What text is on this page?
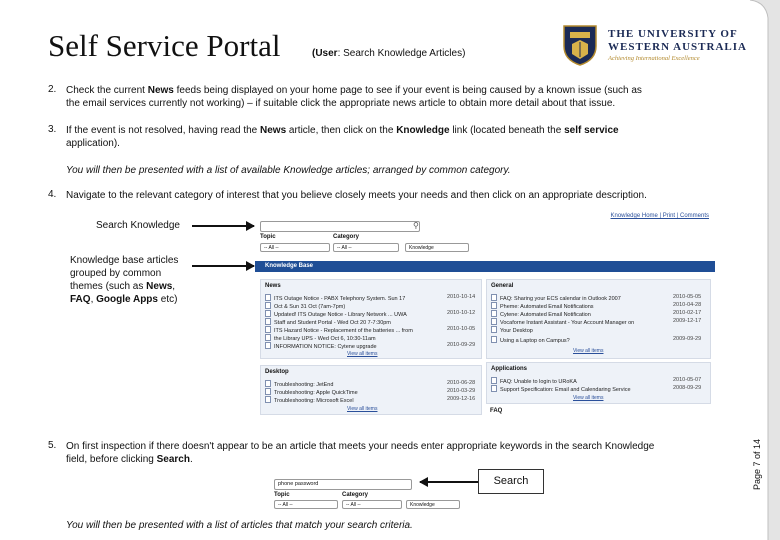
Self Service Portal	(User: Search Knowledge Articles)
THE UNIVERSITY OF
WESTERN AUSTRALIA
Achieving International Excellence
2. Check the current News feeds being displayed on your home page to see if your event is being caused by a known issue (such as
the email services currently not working) – if suitable click the appropriate news article to obtain more detail about that issue.
3. If the event is not resolved, having read the News article, then click on the Knowledge link (located beneath the self service
application).
You will then be presented with a list of available Knowledge articles; arranged by common category.
4. Navigate to the relevant category of interest that you believe closely meets your needs and then click on an appropriate description.
Search Knowledge
Knowledge base articles
grouped by common
themes (such as News,
FAQ, Google Apps etc)
⚲
Knowledge Home | Print | Comments
Topic	Category
-- All --	-- All --	Knowledge
Knowledge Base
News
ITS Outage Notice - PABX Telephony System. Sun 17	2010-10-14
Oct & Sun 31 Oct (7am-7pm)
Updated! ITS Outage Notice - Library Network ... UWA	2010-10-12
Staff and Student Portal - Wed Oct 20 7-7:30pm
ITS Hazard Notice - Replacement of the batteries ... from	2010-10-05
the Library UPS - Wed Oct 6, 10:30-11am
INFORMATION NOTICE: Cytene upgrade	2010-09-29
View all items
Desktop
Troubleshooting: JetEnd	2010-06-28
Troubleshooting: Apple QuickTime	2010-03-29
Troubleshooting: Microsoft Excel	2009-12-16
View all items
General
FAQ: Sharing your ECS calendar in Outlook 2007	2010-05-05
Pheme: Automated Email Notifications	2010-04-28
Cytene: Automated Email Notification	2010-02-17
Vocaforne Instant Assistant - Your Account Manager on	2009-12-17
Your Desktop
Using a Laptop on Campus?	2009-09-29
View all items
Applications
FAQ: Unable to login to URoKA	2010-05-07
Support Specification: Email and Calendaring Service	2008-09-29
View all items
FAQ
5. On first inspection if there doesn't appear to be an article that meets your needs enter appropriate keywords in the search Knowledge
field, before clicking Search.
phone password
Topic	Category
-- All --	-- All --	Knowledge
Search
You will then be presented with a list of articles that match your search criteria.
Page 7 of 14
